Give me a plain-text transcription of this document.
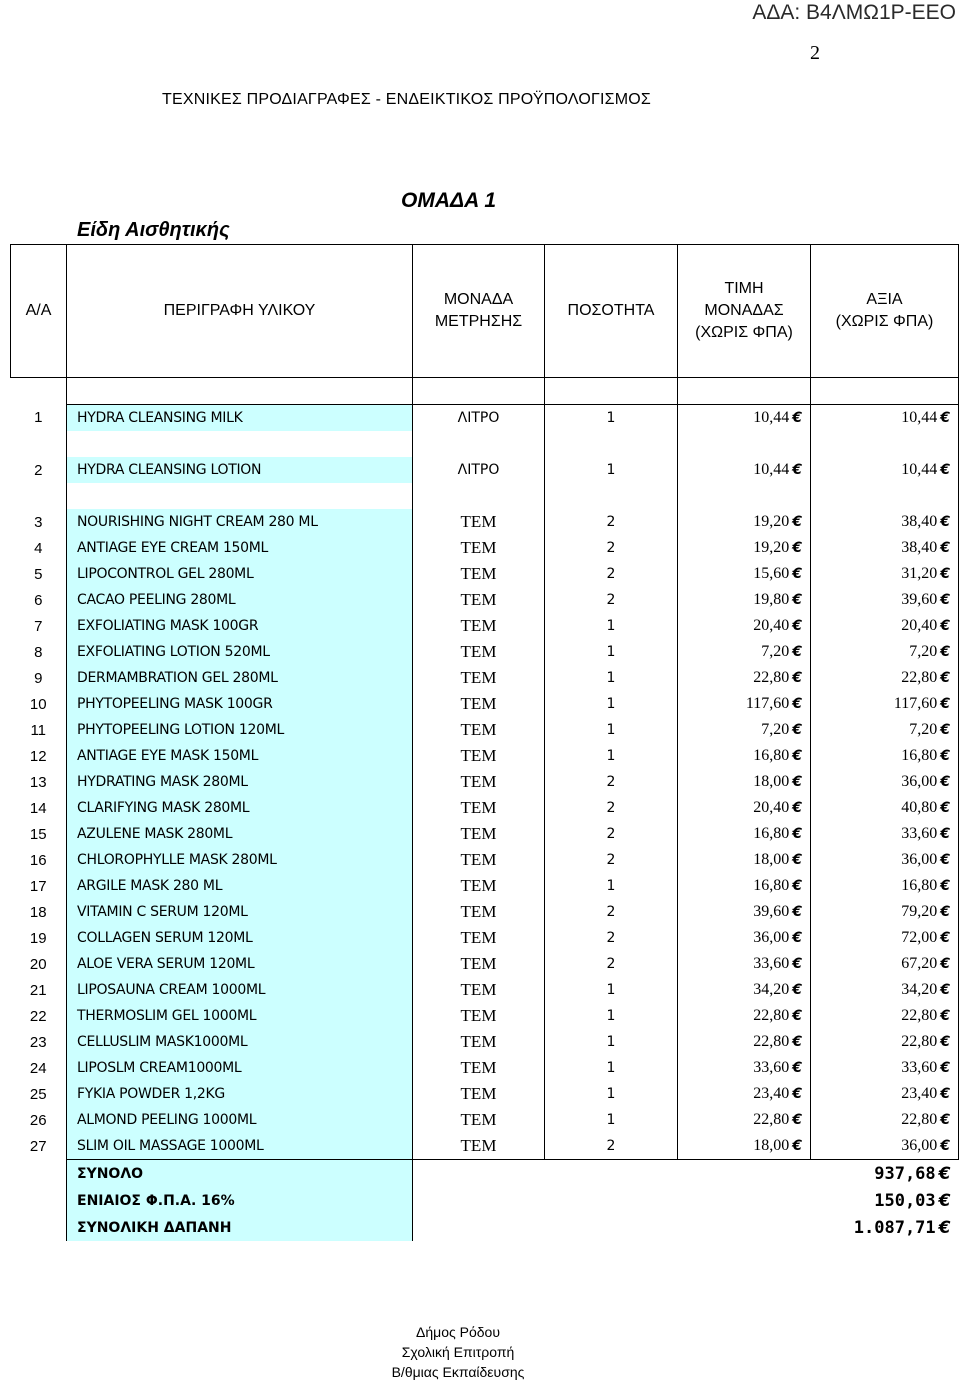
ΑΔΑ: Β4ΛΜΩ1Ρ-ΕΕΟ
2
ΤΕΧΝΙΚΕΣ ΠΡΟΔΙΑΓΡΑΦΕΣ - ΕΝΔΕΙΚΤΙΚΟΣ ΠΡΟΫΠΟΛΟΓΙΣΜΟΣ
ΟΜΑΔΑ 1
Είδη Αισθητικής
Α/Α	ΠΕΡΙΓΡΑΦΗ ΥΛΙΚΟΥ	ΜΟΝΑΔΑ
ΜΕΤΡΗΣΗΣ	ΠΟΣΟΤΗΤΑ	ΤΙΜΗ
ΜΟΝΑΔΑΣ
(ΧΩΡΙΣ ΦΠΑ)	ΑΞΙΑ
(ΧΩΡΙΣ ΦΠΑ)

1	HYDRA CLEANSING MILK	ΛΙΤΡΟ	1	10,44 €	10,44 €

2	HYDRA CLEANSING LOTION	ΛΙΤΡΟ	1	10,44 €	10,44 €

3	NOURISHING NIGHT CREAM 280 ML	ΤΕΜ	2	19,20 €	38,40 €
4	ANTIAGE EYE CREAM 150ML	ΤΕΜ	2	19,20 €	38,40 €
5	LIPOCONTROL GEL 280ML	ΤΕΜ	2	15,60 €	31,20 €
6	CACAO PEELING 280ML	ΤΕΜ	2	19,80 €	39,60 €
7	EXFOLIATING MASK 100GR	ΤΕΜ	1	20,40 €	20,40 €
8	EXFOLIATING LOTION 520ML	ΤΕΜ	1	7,20 €	7,20 €
9	DERMAMBRATION GEL 280ML	ΤΕΜ	1	22,80 €	22,80 €
10	PHYTOPEELING MASK 100GR	ΤΕΜ	1	117,60 €	117,60 €
11	PHYTOPEELING LOTION 120ML	ΤΕΜ	1	7,20 €	7,20 €
12	ANTIAGE EYE MASK 150ML	ΤΕΜ	1	16,80 €	16,80 €
13	HYDRATING MASK 280ML	ΤΕΜ	2	18,00 €	36,00 €
14	CLARIFYING MASK 280ML	ΤΕΜ	2	20,40 €	40,80 €
15	AZULENE MASK 280ML	ΤΕΜ	2	16,80 €	33,60 €
16	CHLOROPHYLLE MASK 280ML	ΤΕΜ	2	18,00 €	36,00 €
17	ARGILE MASK 280 ML	ΤΕΜ	1	16,80 €	16,80 €
18	VITAMIN C SERUM 120ML	ΤΕΜ	2	39,60 €	79,20 €
19	COLLAGEN SERUM 120ML	ΤΕΜ	2	36,00 €	72,00 €
20	ALOE VERA SERUM 120ML	ΤΕΜ	2	33,60 €	67,20 €
21	LIPOSAUNA CREAM 1000ML	ΤΕΜ	1	34,20 €	34,20 €
22	THERMOSLIM GEL 1000ML	ΤΕΜ	1	22,80 €	22,80 €
23	CELLUSLIM MASK1000ML	ΤΕΜ	1	22,80 €	22,80 €
24	LIPOSLM CREAM1000ML	ΤΕΜ	1	33,60 €	33,60 €
25	FYKIA POWDER 1,2KG	ΤΕΜ	1	23,40 €	23,40 €
26	ALMOND PEELING 1000ML	ΤΕΜ	1	22,80 €	22,80 €
27	SLIM OIL MASSAGE 1000ML	ΤΕΜ	2	18,00 €	36,00 €
	ΣΥΝΟΛΟ			937,68 €	
	ΕΝΙΑΙΟΣ Φ.Π.Α. 16%			150,03 €	
	ΣΥΝΟΛΙΚΗ ΔΑΠΑΝΗ			1.087,71 €	
Δήμος Ρόδου
Σχολική Επιτροπή
Β/θμιας Εκπαίδευσης
